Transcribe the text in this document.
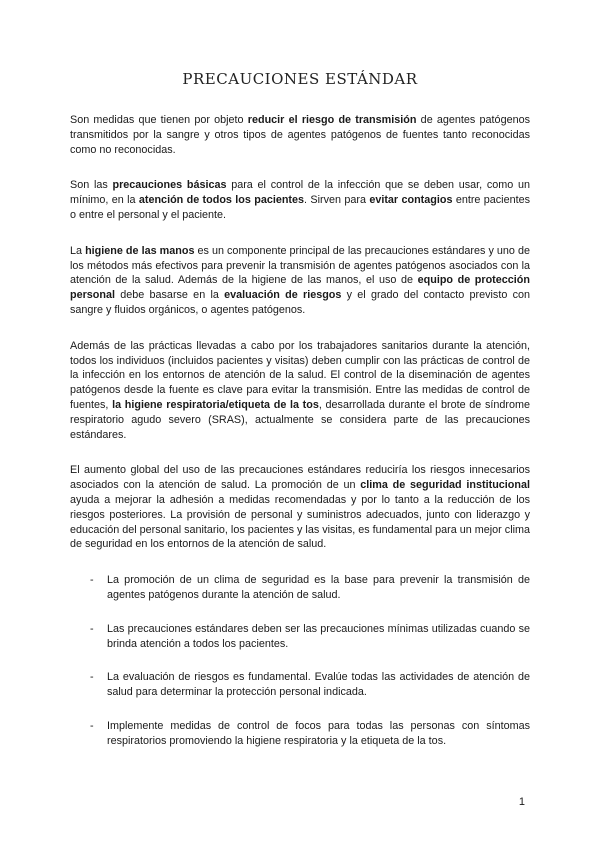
PRECAUCIONES ESTÁNDAR

Son medidas que tienen por objeto reducir el riesgo de transmisión de agentes patógenos transmitidos por la sangre y otros tipos de agentes patógenos de fuentes tanto reconocidas como no reconocidas.

Son las precauciones básicas para el control de la infección que se deben usar, como un mínimo, en la atención de todos los pacientes. Sirven para evitar contagios entre pacientes o entre el personal y el paciente.

La higiene de las manos es un componente principal de las precauciones estándares y uno de los métodos más efectivos para prevenir la transmisión de agentes patógenos asociados con la atención de la salud. Además de la higiene de las manos, el uso de equipo de protección personal debe basarse en la evaluación de riesgos y el grado del contacto previsto con sangre y fluidos orgánicos, o agentes patógenos.

Además de las prácticas llevadas a cabo por los trabajadores sanitarios durante la atención, todos los individuos (incluidos pacientes y visitas) deben cumplir con las prácticas de control de la infección en los entornos de atención de la salud. El control de la diseminación de agentes patógenos desde la fuente es clave para evitar la transmisión. Entre las medidas de control de fuentes, la higiene respiratoria/etiqueta de la tos, desarrollada durante el brote de síndrome respiratorio agudo severo (SRAS), actualmente se considera parte de las precauciones estándares.

El aumento global del uso de las precauciones estándares reduciría los riesgos innecesarios asociados con la atención de salud. La promoción de un clima de seguridad institucional ayuda a mejorar la adhesión a medidas recomendadas y por lo tanto a la reducción de los riesgos posteriores. La provisión de personal y suministros adecuados, junto con liderazgo y educación del personal sanitario, los pacientes y las visitas, es fundamental para un mejor clima de seguridad en los entornos de la atención de salud.

- La promoción de un clima de seguridad es la base para prevenir la transmisión de agentes patógenos durante la atención de salud.
- Las precauciones estándares deben ser las precauciones mínimas utilizadas cuando se brinda atención a todos los pacientes.
- La evaluación de riesgos es fundamental. Evalúe todas las actividades de atención de salud para determinar la protección personal indicada.
- Implemente medidas de control de focos para todas las personas con síntomas respiratorios promoviendo la higiene respiratoria y la etiqueta de la tos.
1
